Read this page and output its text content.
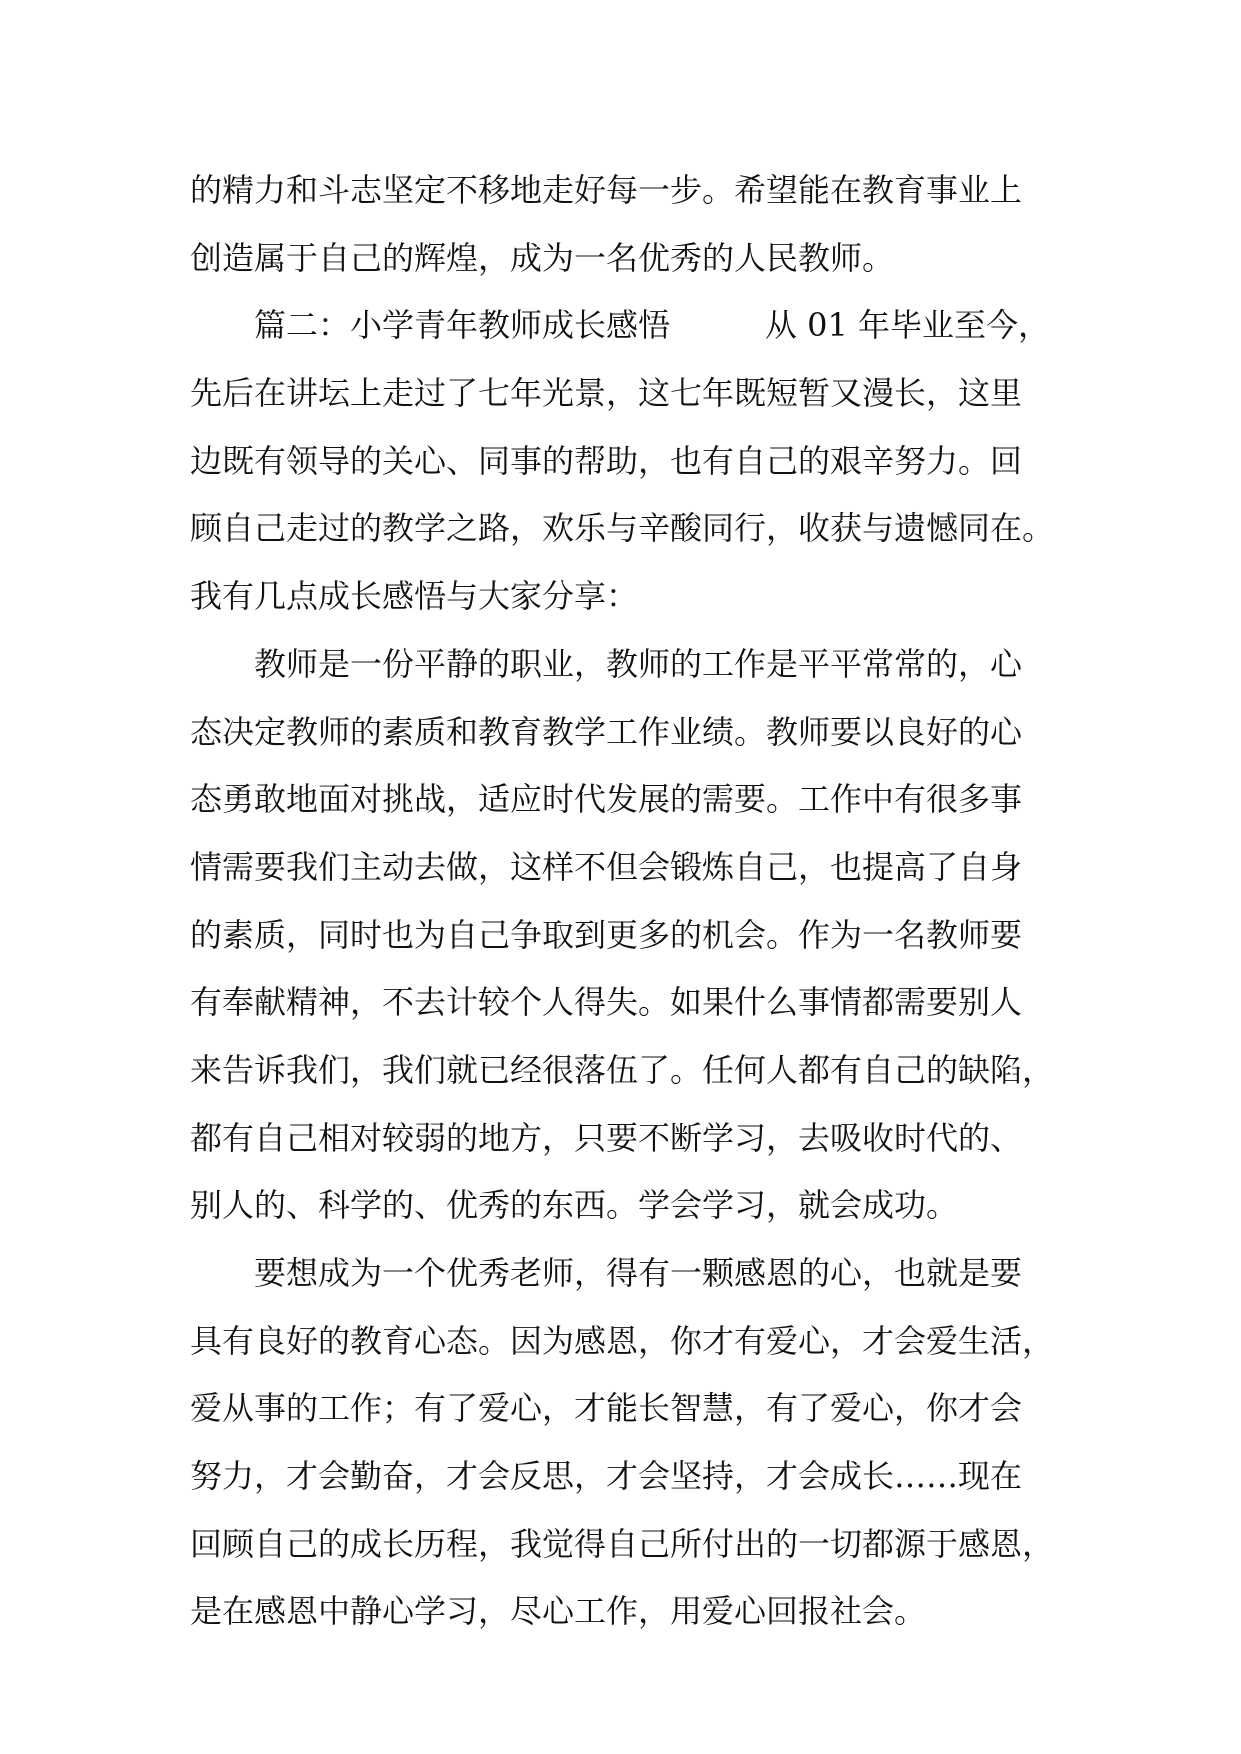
的精力和斗志坚定不移地走好每一步。希望能在教育事业上
创造属于自己的辉煌，成为一名优秀的人民教师。
篇二：小学青年教师成长感悟	从 01 年毕业至今，
先后在讲坛上走过了七年光景，这七年既短暂又漫长，这里
边既有领导的关心、同事的帮助，也有自己的艰辛努力。回
顾自己走过的教学之路，欢乐与辛酸同行，收获与遗憾同在。
我有几点成长感悟与大家分享：
教师是一份平静的职业，教师的工作是平平常常的，心
态决定教师的素质和教育教学工作业绩。教师要以良好的心
态勇敢地面对挑战，适应时代发展的需要。工作中有很多事
情需要我们主动去做，这样不但会锻炼自己，也提高了自身
的素质，同时也为自己争取到更多的机会。作为一名教师要
有奉献精神，不去计较个人得失。如果什么事情都需要别人
来告诉我们，我们就已经很落伍了。任何人都有自己的缺陷，
都有自己相对较弱的地方，只要不断学习，去吸收时代的、
别人的、科学的、优秀的东西。学会学习，就会成功。
要想成为一个优秀老师，得有一颗感恩的心，也就是要
具有良好的教育心态。因为感恩，你才有爱心，才会爱生活，
爱从事的工作；有了爱心，才能长智慧，有了爱心，你才会
努力，才会勤奋，才会反思，才会坚持，才会成长……现在
回顾自己的成长历程，我觉得自己所付出的一切都源于感恩，
是在感恩中静心学习，尽心工作，用爱心回报社会。
